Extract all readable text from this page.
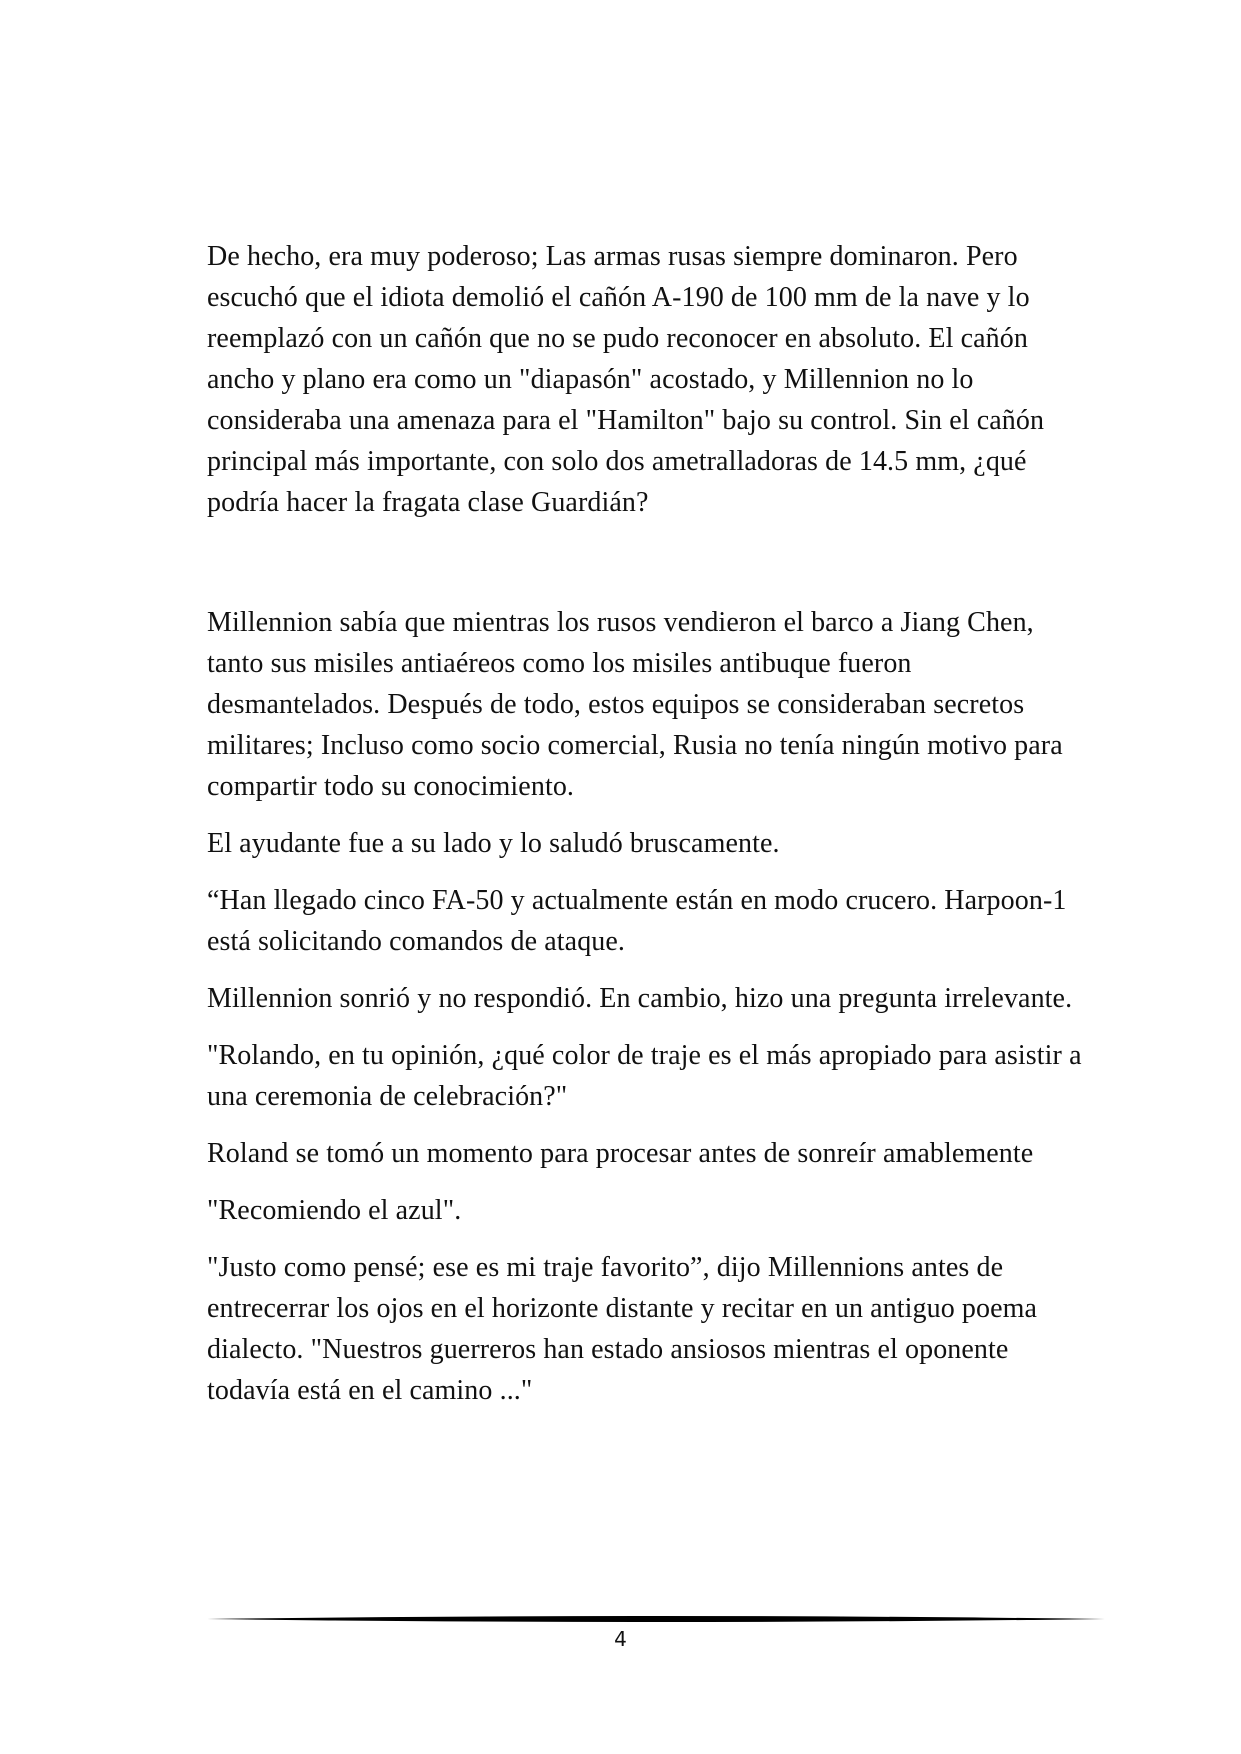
De hecho, era muy poderoso; Las armas rusas siempre dominaron. Pero escuchó que el idiota demolió el cañón A-190 de 100 mm de la nave y lo reemplazó con un cañón que no se pudo reconocer en absoluto. El cañón ancho y plano era como un "diapasón" acostado, y Millennion no lo consideraba una amenaza para el "Hamilton" bajo su control. Sin el cañón principal más importante, con solo dos ametralladoras de 14.5 mm, ¿qué podría hacer la fragata clase Guardián?

Millennion sabía que mientras los rusos vendieron el barco a Jiang Chen, tanto sus misiles antiaéreos como los misiles antibuque fueron desmantelados. Después de todo, estos equipos se consideraban secretos militares; Incluso como socio comercial, Rusia no tenía ningún motivo para compartir todo su conocimiento.

El ayudante fue a su lado y lo saludó bruscamente.

“Han llegado cinco FA-50 y actualmente están en modo crucero. Harpoon-1 está solicitando comandos de ataque.

Millennion sonrió y no respondió. En cambio, hizo una pregunta irrelevante.

"Rolando, en tu opinión, ¿qué color de traje es el más apropiado para asistir a una ceremonia de celebración?"

Roland se tomó un momento para procesar antes de sonreír amablemente

"Recomiendo el azul".

"Justo como pensé; ese es mi traje favorito”, dijo Millennions antes de entrecerrar los ojos en el horizonte distante y recitar en un antiguo poema dialecto. "Nuestros guerreros han estado ansiosos mientras el oponente todavía está en el camino ..."

4
